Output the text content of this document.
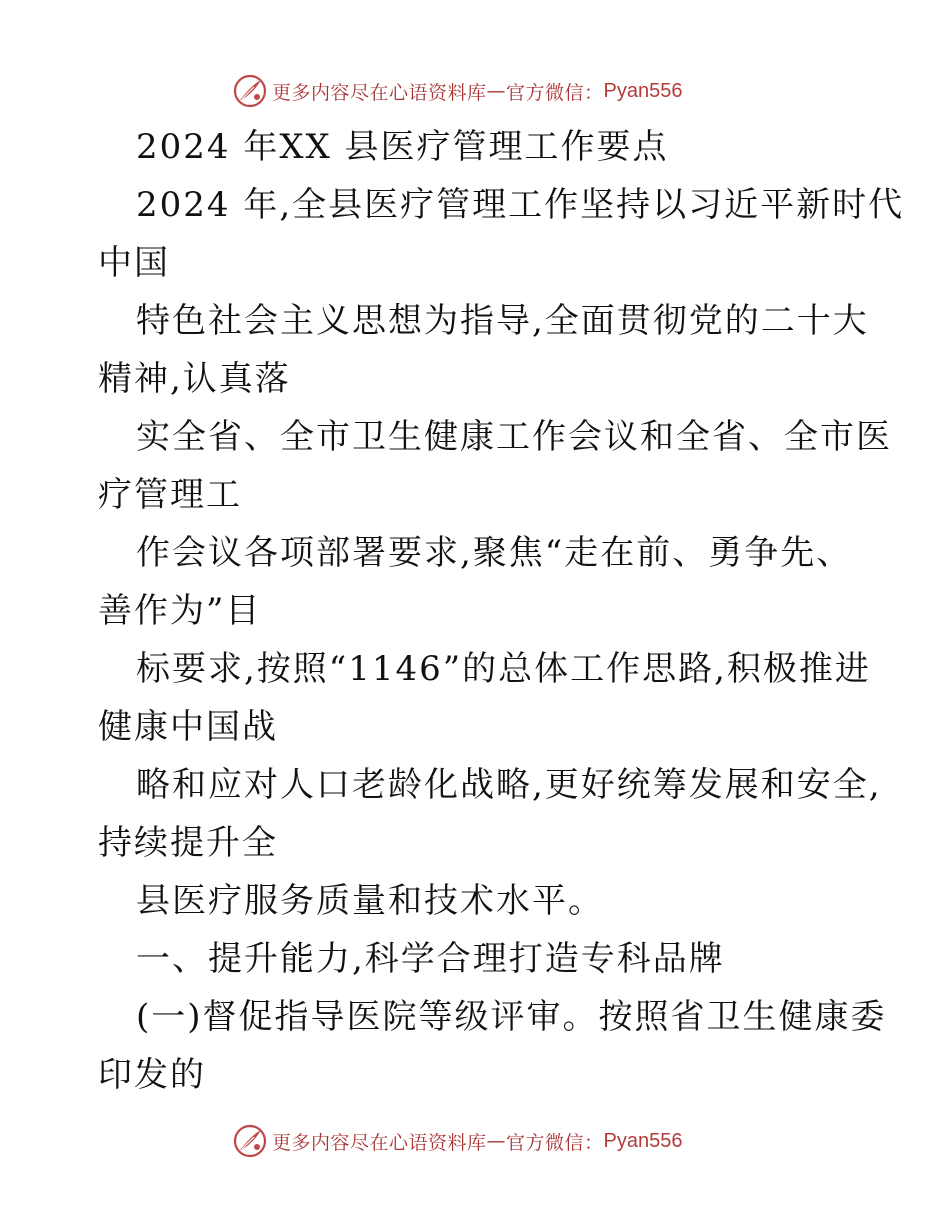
更多内容尽在心语资料库 — 官方微信： Pyan556
2024 年XX 县医疗管理工作要点
2024 年,全县医疗管理工作坚持以习近平新时代
中国
特色社会主义思想为指导,全面贯彻党的二十大
精神,认真落
实全省、全市卫生健康工作会议和全省、全市医
疗管理工
作会议各项部署要求,聚焦“走在前、勇争先、
善作为”目
标要求,按照“1146”的总体工作思路,积极推进
健康中国战
略和应对人口老龄化战略,更好统筹发展和安全,
持续提升全
县医疗服务质量和技术水平。
一、提升能力,科学合理打造专科品牌
(一)督促指导医院等级评审。按照省卫生健康委
印发的
更多内容尽在心语资料库 — 官方微信： Pyan556
